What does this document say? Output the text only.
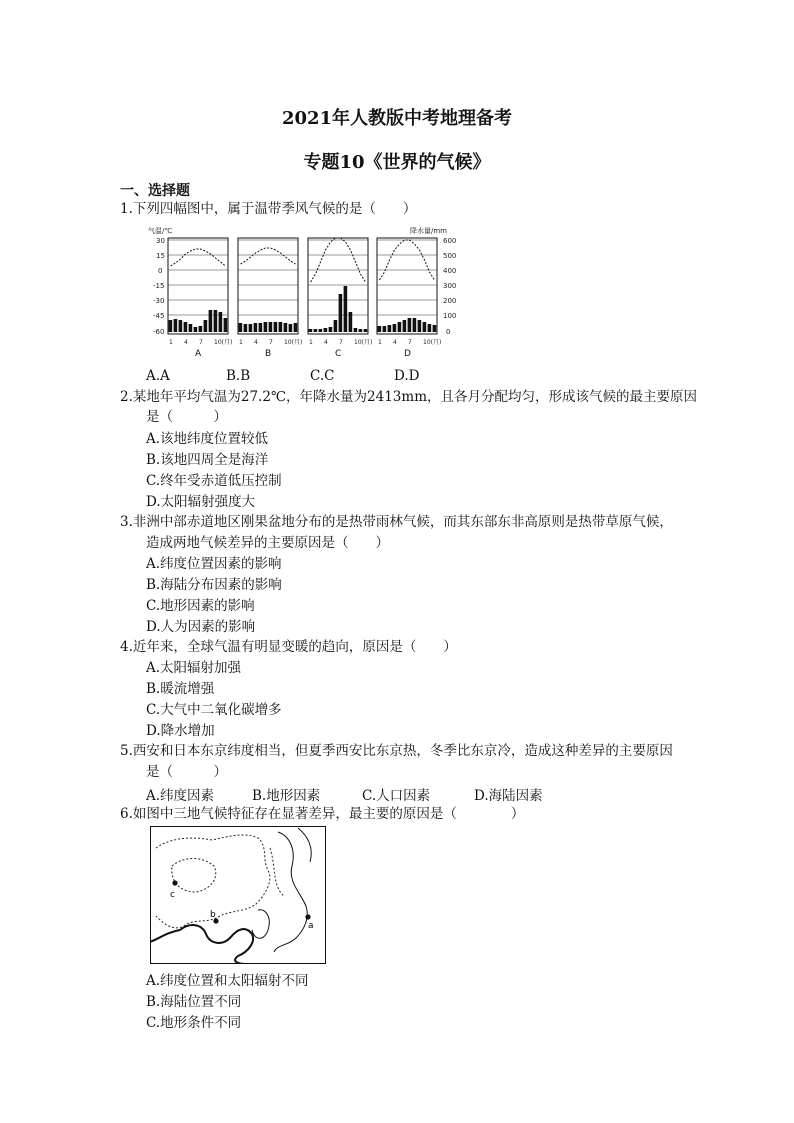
2021年人教版中考地理备考
专题10《世界的气候》
一、选择题
1.下列四幅图中，属于温带季风气候的是（　　）
气温/℃	降水量/mm
30
15
0
-15
-30
-45
-60
600
500
400
300
200
100
0
1 4 7 10(月)
A
1 4 7 10(月)
B
1 4 7 10(月)
C
1 4 7 10(月)
D
A.A	B.B	C.C	D.D
2.某地年平均气温为27.2℃，年降水量为2413mm，且各月分配均匀，形成该气候的最主要原因
是（　　　）
A.该地纬度位置较低
B.该地四周全是海洋
C.终年受赤道低压控制
D.太阳辐射强度大
3.非洲中部赤道地区刚果盆地分布的是热带雨林气候，而其东部东非高原则是热带草原气候，
造成两地气候差异的主要原因是（　　）
A.纬度位置因素的影响
B.海陆分布因素的影响
C.地形因素的影响
D.人为因素的影响
4.近年来，全球气温有明显变暖的趋向，原因是（　　）
A.太阳辐射加强
B.暖流增强
C.大气中二氧化碳增多
D.降水增加
5.西安和日本东京纬度相当，但夏季西安比东京热，冬季比东京冷，造成这种差异的主要原因
是（　　　）
A.纬度因素	B.地形因素	C.人口因素	D.海陆因素
6.如图中三地气候特征存在显著差异，最主要的原因是（　　　　）
c
b
a
A.纬度位置和太阳辐射不同
B.海陆位置不同
C.地形条件不同
